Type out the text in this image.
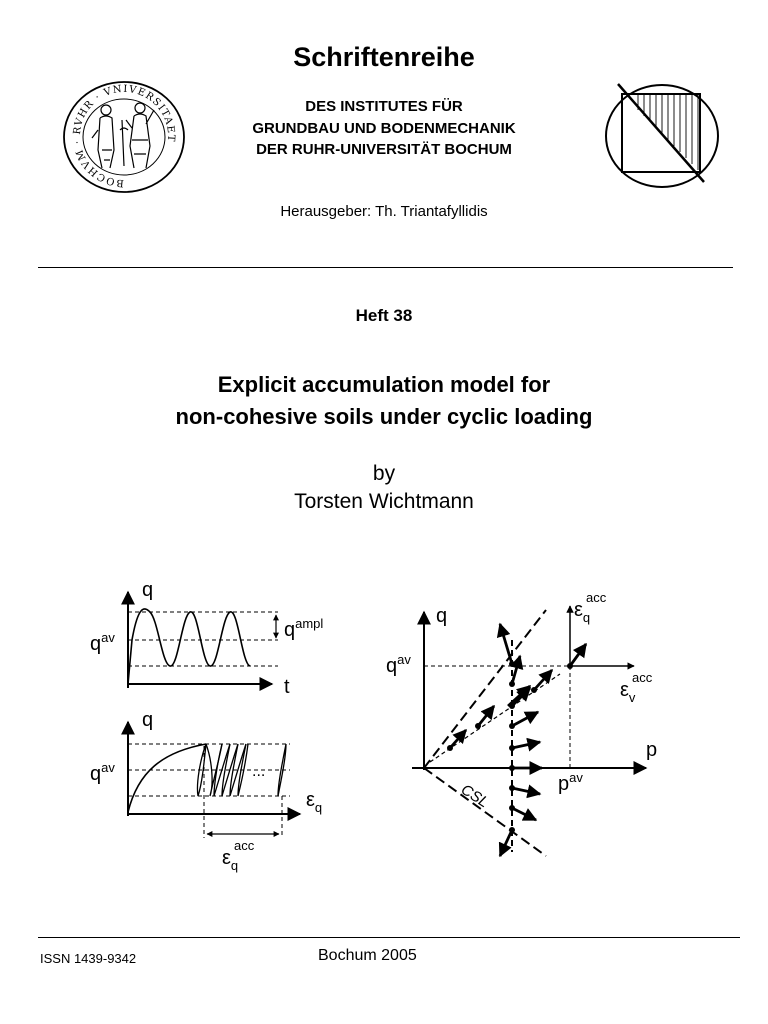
Schriftenreihe
DES INSTITUTES FÜR
GRUNDBAU UND BODENMECHANIK
DER RUHR-UNIVERSITÄT BOCHUM
Herausgeber: Th. Triantafyllidis
BOCHVM · RVHR · VNIVERSITAET
Heft 38
Explicit accumulation model for
non-cohesive soils under cyclic loading
by
Torsten Wichtmann
q
t
$q^{av}$	$q^{ampl}$
q
$q^{av}$	...
$\varepsilon_q$
$\varepsilon_qacc$
q
p
$q^{av}$
$p^{av}$
CSL
$\varepsilon_qacc$
$\varepsilon_vacc$
ISSN 1439-9342	Bochum 2005
